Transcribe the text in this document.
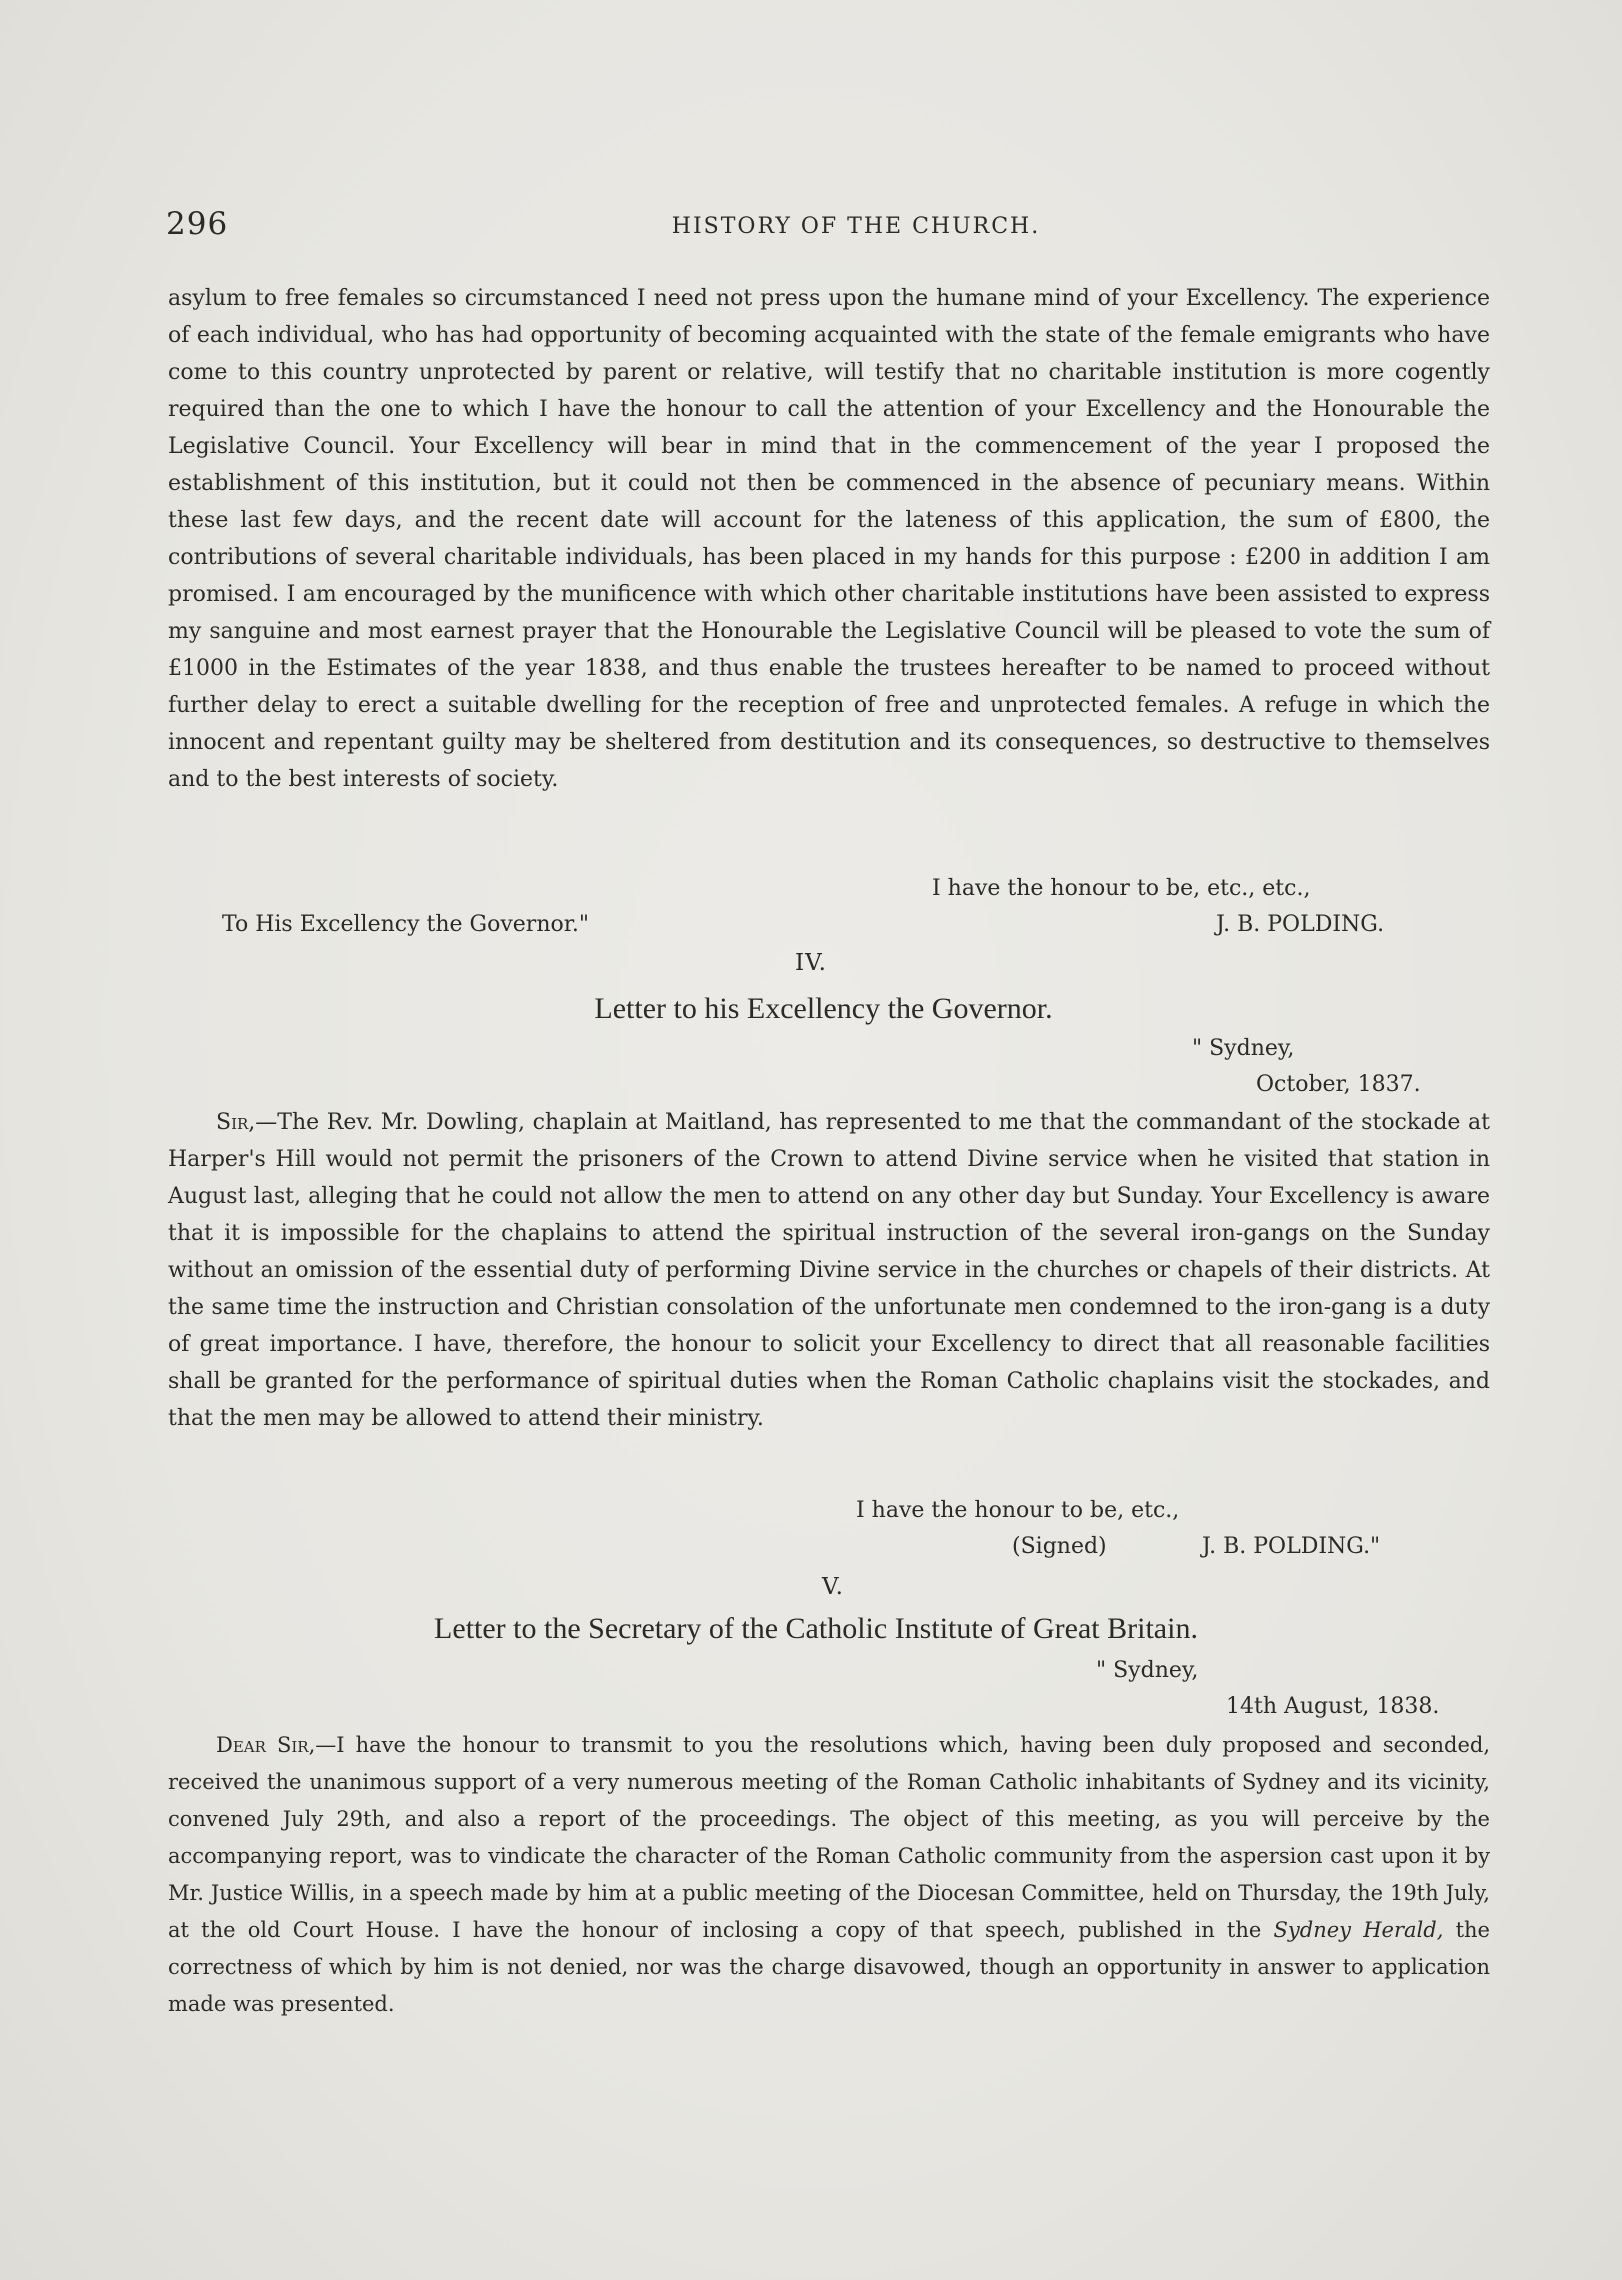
296	HISTORY OF THE CHURCH.

asylum to free females so circumstanced I need not press upon the humane mind of your Excellency. The experience of each individual, who has had opportunity of becoming acquainted with the state of the female emigrants who have come to this country unprotected by parent or relative, will testify that no charitable institution is more cogently required than the one to which I have the honour to call the attention of your Excellency and the Honourable the Legislative Council. Your Excellency will bear in mind that in the commencement of the year I proposed the establishment of this institution, but it could not then be commenced in the absence of pecuniary means. Within these last few days, and the recent date will account for the lateness of this application, the sum of £800, the contributions of several charitable individuals, has been placed in my hands for this purpose : £200 in addition I am promised. I am encouraged by the munificence with which other charitable institutions have been assisted to express my sanguine and most earnest prayer that the Honourable the Legislative Council will be pleased to vote the sum of £1000 in the Estimates of the year 1838, and thus enable the trustees hereafter to be named to proceed without further delay to erect a suitable dwelling for the reception of free and unprotected females. A refuge in which the innocent and repentant guilty may be sheltered from destitution and its consequences, so destructive to themselves and to the best interests of society.

I have the honour to be, etc., etc.,
To His Excellency the Governor."	J. B. POLDING.
IV.
Letter to his Excellency the Governor.
" Sydney,
October, 1837.

Sir,—The Rev. Mr. Dowling, chaplain at Maitland, has represented to me that the commandant of the stockade at Harper's Hill would not permit the prisoners of the Crown to attend Divine service when he visited that station in August last, alleging that he could not allow the men to attend on any other day but Sunday. Your Excellency is aware that it is impossible for the chaplains to attend the spiritual instruction of the several iron-gangs on the Sunday without an omission of the essential duty of performing Divine service in the churches or chapels of their districts. At the same time the instruction and Christian consolation of the unfortunate men condemned to the iron-gang is a duty of great importance. I have, therefore, the honour to solicit your Excellency to direct that all reasonable facilities shall be granted for the performance of spiritual duties when the Roman Catholic chaplains visit the stockades, and that the men may be allowed to attend their ministry.

I have the honour to be, etc.,
(Signed)	J. B. POLDING."
V.
Letter to the Secretary of the Catholic Institute of Great Britain.
" Sydney,
14th August, 1838.

Dear Sir,—I have the honour to transmit to you the resolutions which, having been duly proposed and seconded, received the unanimous support of a very numerous meeting of the Roman Catholic inhabitants of Sydney and its vicinity, convened July 29th, and also a report of the proceedings. The object of this meeting, as you will perceive by the accompanying report, was to vindicate the character of the Roman Catholic community from the aspersion cast upon it by Mr. Justice Willis, in a speech made by him at a public meeting of the Diocesan Committee, held on Thursday, the 19th July, at the old Court House. I have the honour of inclosing a copy of that speech, published in the Sydney Herald, the correctness of which by him is not denied, nor was the charge disavowed, though an opportunity in answer to application made was presented.
